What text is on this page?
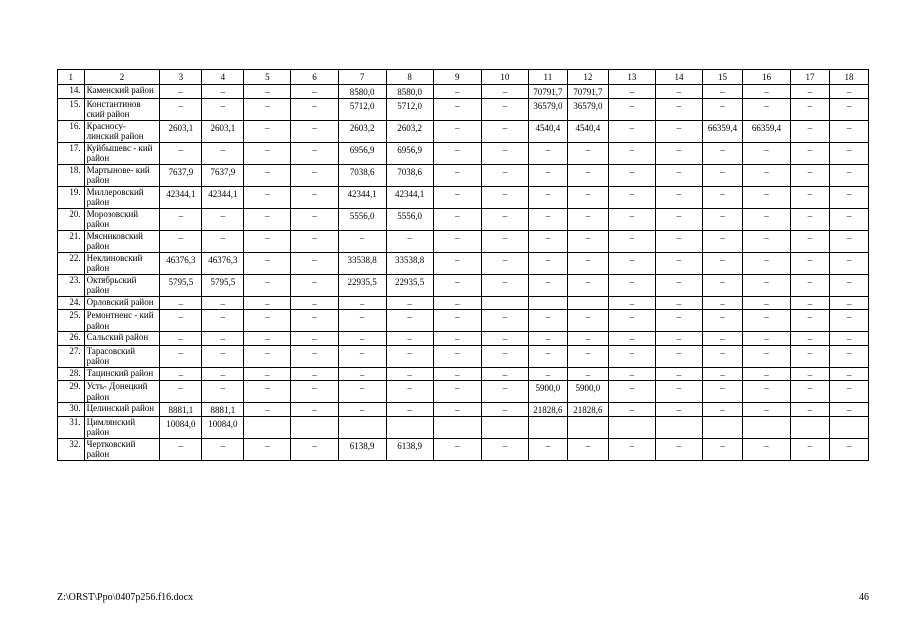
1	2	3	4	5	6	7	8	9	10	11	12	13	14	15	16	17	18
14.	Каменский район	–	–	–	–	8580,0	8580,0	–	–	70791,7	70791,7	–	–	–	–	–	–
15.	Константинов ский район	–	–	–	–	5712,0	5712,0	–	–	36579,0	36579,0	–	–	–	–	–	–
16.	Красносу- линский район	2603,1	2603,1	–	–	2603,2	2603,2	–	–	4540,4	4540,4	–	–	66359,4	66359,4	–	–
17.	Куйбышевс - кий район	–	–	–	–	6956,9	6956,9	–	–	–	–	–	–	–	–	–	–
18.	Мартынове- кий район	7637,9	7637,9	–	–	7038,6	7038,6	–	–	–	–	–	–	–	–	–	–
19.	Миллеровский район	42344,1	42344,1	–	–	42344,1	42344,1	–	–	–	–	–	–	–	–	–	–
20.	Морозовский район	–	–	–	–	5556,0	5556,0	–	–	–	–	–	–	–	–	–	–
21.	Мясниковский район	–	–	–	–	–	–	–	–	–	–	–	–	–	–	–	–
22.	Неклиновский район	46376,3	46376,3	–	–	33538,8	33538,8	–	–	–	–	–	–	–	–	–	–
23.	Октябрьский район	5795,5	5795,5	–	–	22935,5	22935,5	–	–	–	–	–	–	–	–	–	–
24.	Орловский район	–	–	–	–	–	–	–				–	–	–	–	–	–
25.	Ремонтненс - кий район	–	–	–	–	–	–	–	–	–	–	–	–	–	–	–	–
26.	Сальский район	–	–	–	–	–	–	–	–	–	–	–	–	–	–	–	–
27.	Тарасовский район	–	–	–	–	–	–	–	–	–	–	–	–	–	–	–	–
28.	Тацинский район	–	–	–	–	–	–	–	–	–	–	–	–	–	–	–	–
29.	Усть- Донецкий район	–	–	–	–	–	–	–	–	5900,0	5900,0	–	–	–	–	–	–
30.	Целинский район	8881,1	8881,1	–	–	–	–	–	–	21828,6	21828,6	–	–	–	–	–	–
31.	Цимлянский район	10084,0	10084,0														
32.	Чертковский район	–	–	–	–	6138,9	6138,9	–	–	–	–	–	–	–	–	–	–
Z:\ORST\Ppo\0407p256.f16.docx	46
